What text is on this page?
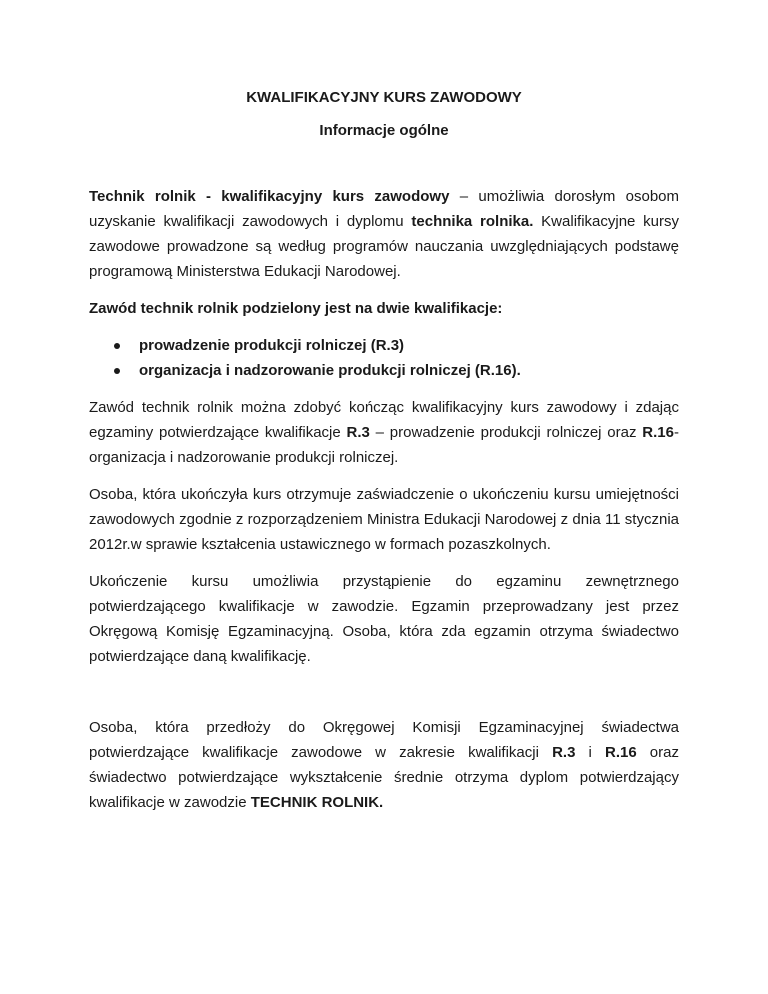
KWALIFIKACYJNY KURS ZAWODOWY
Informacje ogólne

Technik rolnik - kwalifikacyjny kurs zawodowy – umożliwia dorosłym osobom uzyskanie kwalifikacji zawodowych i dyplomu technika rolnika. Kwalifikacyjne kursy zawodowe prowadzone są według programów nauczania uwzględniających podstawę programową Ministerstwa Edukacji Narodowej.

Zawód technik rolnik podzielony jest na dwie kwalifikacje:

prowadzenie produkcji rolniczej (R.3)
organizacja i nadzorowanie produkcji rolniczej (R.16).

Zawód technik rolnik można zdobyć kończąc kwalifikacyjny kurs zawodowy i zdając egzaminy potwierdzające kwalifikacje R.3 – prowadzenie produkcji rolniczej oraz R.16- organizacja i nadzorowanie produkcji rolniczej.

Osoba, która ukończyła kurs otrzymuje zaświadczenie o ukończeniu kursu umiejętności zawodowych zgodnie z rozporządzeniem Ministra Edukacji Narodowej z dnia 11 stycznia 2012r.w sprawie kształcenia ustawicznego w formach pozaszkolnych.

Ukończenie kursu umożliwia przystąpienie do egzaminu zewnętrznego potwierdzającego kwalifikacje w zawodzie. Egzamin przeprowadzany jest przez Okręgową Komisję Egzaminacyjną. Osoba, która zda egzamin otrzyma świadectwo potwierdzające daną kwalifikację.

Osoba, która przedłoży do Okręgowej Komisji Egzaminacyjnej świadectwa potwierdzające kwalifikacje zawodowe w zakresie kwalifikacji R.3 i R.16 oraz świadectwo potwierdzające wykształcenie średnie otrzyma dyplom potwierdzający kwalifikacje w zawodzie TECHNIK ROLNIK.
